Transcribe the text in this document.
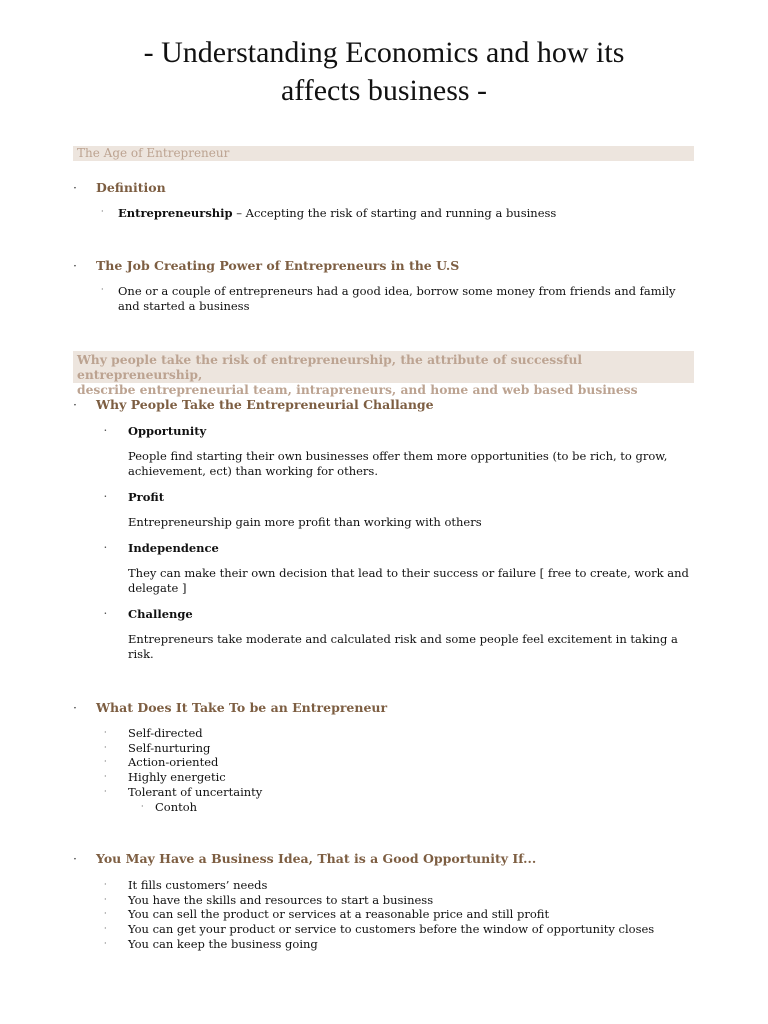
- Understanding Economics and how its
affects business -
The Age of Entrepreneur
· Definition
· Entrepreneurship – Accepting the risk of starting and running a business
· The Job Creating Power of Entrepreneurs in the U.S
· One or a couple of entrepreneurs had a good idea, borrow some money from friends and family and started a business
Why people take the risk of entrepreneurship, the attribute of successful entrepreneurship,
describe entrepreneurial team, intrapreneurs, and home and web based business
· Why People Take the Entrepreneurial Challange
· Opportunity
People find starting their own businesses offer them more opportunities (to be rich, to grow, achievement, ect) than working for others.
· Profit
Entrepreneurship gain more profit than working with others
· Independence
They can make their own decision that lead to their success or failure [ free to create, work and delegate ]
· Challenge
Entrepreneurs take moderate and calculated risk and some people feel excitement in taking a risk.
· What Does It Take To be an Entrepreneur
· Self-directed
· Self-nurturing
· Action-oriented
· Highly energetic
· Tolerant of uncertainty
· Contoh
· You May Have a Business Idea, That is a Good Opportunity If...
· It fills customers’ needs
· You have the skills and resources to start a business
· You can sell the product or services at a reasonable price and still profit
· You can get your product or service to customers before the window of opportunity closes
· You can keep the business going
